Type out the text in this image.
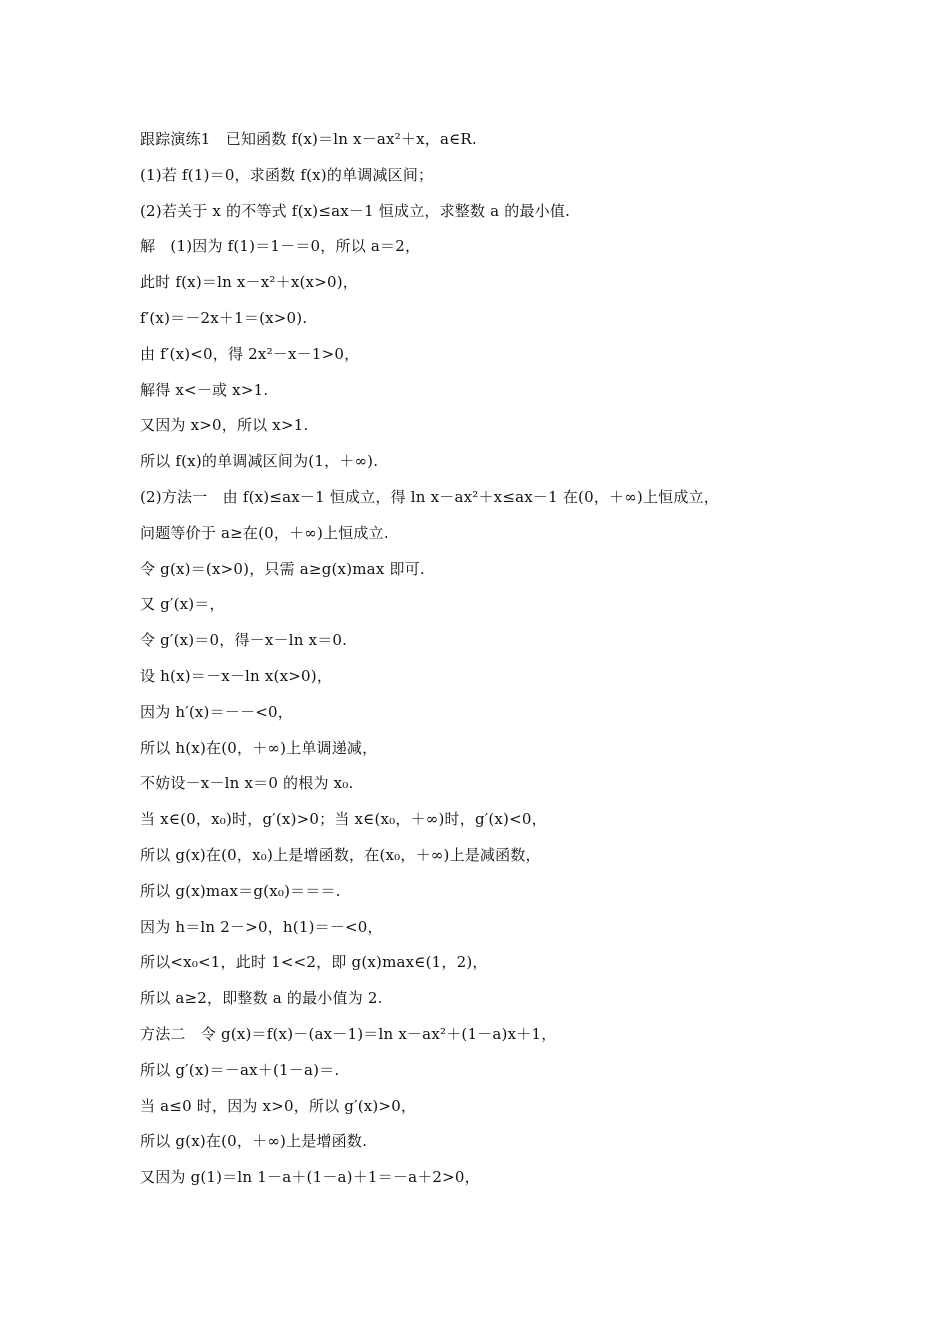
跟踪演练1　已知函数 f(x)＝ln x－ax²＋x，a∈R.
(1)若 f(1)＝0，求函数 f(x)的单调减区间；
(2)若关于 x 的不等式 f(x)≤ax－1 恒成立，求整数 a 的最小值.
解　(1)因为 f(1)＝1－＝0，所以 a＝2，
此时 f(x)＝ln x－x²＋x(x>0)，
f′(x)＝－2x＋1＝(x>0).
由 f′(x)<0，得 2x²－x－1>0，
解得 x<－或 x>1.
又因为 x>0，所以 x>1.
所以 f(x)的单调减区间为(1，＋∞).
(2)方法一　由 f(x)≤ax－1 恒成立，得 ln x－ax²＋x≤ax－1 在(0，＋∞)上恒成立，
问题等价于 a≥在(0，＋∞)上恒成立.
令 g(x)＝(x>0)，只需 a≥g(x)max 即可.
又 g′(x)＝，
令 g′(x)＝0，得－x－ln x＝0.
设 h(x)＝－x－ln x(x>0)，
因为 h′(x)＝－－<0，
所以 h(x)在(0，＋∞)上单调递减，
不妨设－x－ln x＝0 的根为 x₀.
当 x∈(0，x₀)时，g′(x)>0；当 x∈(x₀，＋∞)时，g′(x)<0，
所以 g(x)在(0，x₀)上是增函数，在(x₀，＋∞)上是减函数，
所以 g(x)max＝g(x₀)＝＝＝.
因为 h＝ln 2－>0，h(1)＝－<0，
所以<x₀<1，此时 1<<2，即 g(x)max∈(1，2)，
所以 a≥2，即整数 a 的最小值为 2.
方法二　令 g(x)＝f(x)－(ax－1)＝ln x－ax²＋(1－a)x＋1，
所以 g′(x)＝－ax＋(1－a)＝.
当 a≤0 时，因为 x>0，所以 g′(x)>0，
所以 g(x)在(0，＋∞)上是增函数.
又因为 g(1)＝ln 1－a＋(1－a)＋1＝－a＋2>0，
